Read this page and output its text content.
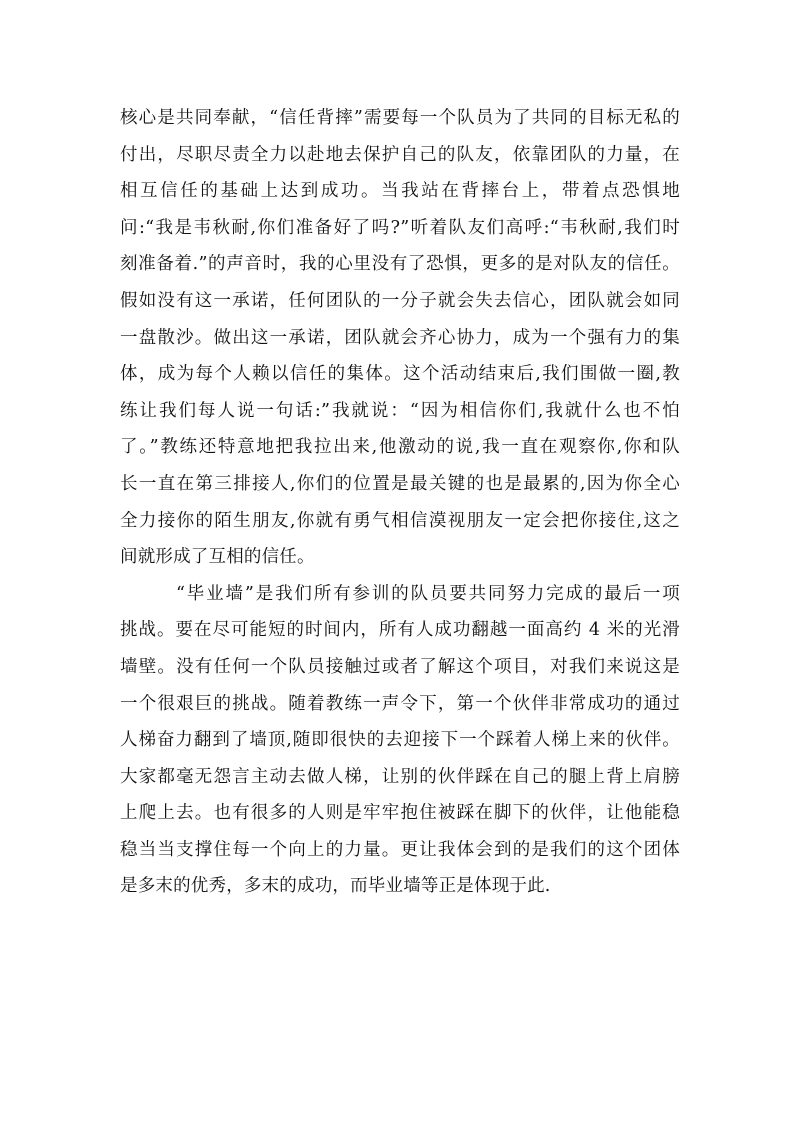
核心是共同奉献，“信任背摔”需要每一个队员为了共同的目标无私的
付出，尽职尽责全力以赴地去保护自己的队友，依靠团队的力量，在
相互信任的基础上达到成功。当我站在背摔台上，带着点恐惧地
问:“我是韦秋耐,你们准备好了吗?”听着队友们高呼:“韦秋耐,我们时
刻准备着.”的声音时，我的心里没有了恐惧，更多的是对队友的信任。
假如没有这一承诺，任何团队的一分子就会失去信心，团队就会如同
一盘散沙。做出这一承诺，团队就会齐心协力，成为一个强有力的集
体，成为每个人赖以信任的集体。这个活动结束后,我们围做一圈,教
练让我们每人说一句话:”我就说：“因为相信你们,我就什么也不怕
了。”教练还特意地把我拉出来,他激动的说,我一直在观察你,你和队
长一直在第三排接人,你们的位置是最关键的也是最累的,因为你全心
全力接你的陌生朋友,你就有勇气相信漠视朋友一定会把你接住,这之
间就形成了互相的信任。
“毕业墙”是我们所有参训的队员要共同努力完成的最后一项
挑战。要在尽可能短的时间内，所有人成功翻越一面高约 4 米的光滑
墙壁。没有任何一个队员接触过或者了解这个项目，对我们来说这是
一个很艰巨的挑战。随着教练一声令下，第一个伙伴非常成功的通过
人梯奋力翻到了墙顶,随即很快的去迎接下一个踩着人梯上来的伙伴。
大家都毫无怨言主动去做人梯，让别的伙伴踩在自己的腿上背上肩膀
上爬上去。也有很多的人则是牢牢抱住被踩在脚下的伙伴，让他能稳
稳当当支撑住每一个向上的力量。更让我体会到的是我们的这个团体
是多末的优秀，多末的成功，而毕业墙等正是体现于此.
